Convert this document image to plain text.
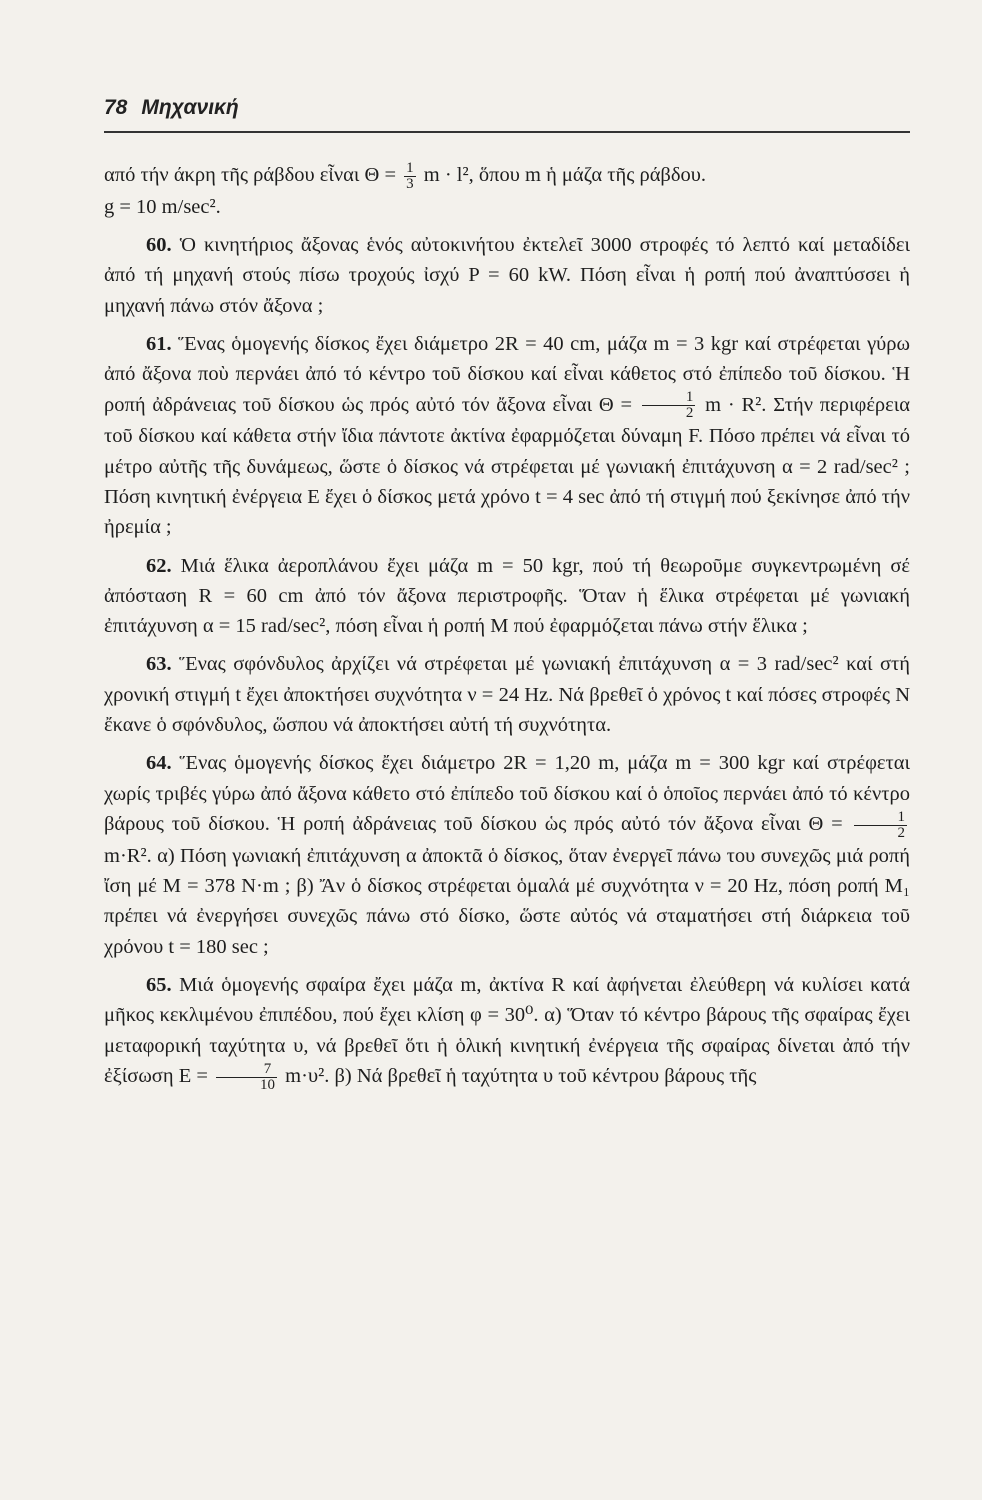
78 Μηχανική

από τήν άκρη τῆς ράβδου εἶναι $\Theta = \frac{1}{3}$ m · l², ὅπου m ἡ μάζα τῆς ράβδου.
g = 10 m/sec².

60. Ὁ κινητήριος ἄξονας ἑνός αὐτοκινήτου ἐκτελεῖ 3000 στροφές τό λεπτό καί μεταδίδει ἀπό τή μηχανή στούς πίσω τροχούς ἰσχύ P = 60 kW. Πόση εἶναι ἡ ροπή πού ἀναπτύσσει ἡ μηχανή πάνω στόν ἄξονα ;

61. Ἕνας ὁμογενής δίσκος ἔχει διάμετρο 2R = 40 cm, μάζα m = 3 kgr καί στρέφεται γύρω ἀπό ἄξονα ποὺ περνάει ἀπό τό κέντρο τοῦ δίσκου καί εἶναι κάθετος στό ἐπίπεδο τοῦ δίσκου. Ἡ ροπή ἀδράνειας τοῦ δίσκου ὡς πρός αὐτό τόν ἄξονα εἶναι $\Theta = \frac{1}{2}$ m · R². Στήν περιφέρεια τοῦ δίσκου καί κάθετα στήν ἴδια πάντοτε ἀκτίνα ἐφαρμόζεται δύναμη F. Πόσο πρέπει νά εἶναι τό μέτρο αὐτῆς τῆς δυνάμεως, ὥστε ὁ δίσκος νά στρέφεται μέ γωνιακή ἐπιτάχυνση α = 2 rad/sec² ; Πόση κινητική ἐνέργεια E ἔχει ὁ δίσκος μετά χρόνο t = 4 sec ἀπό τή στιγμή πού ξεκίνησε ἀπό τήν ἠρεμία ;

62. Μιά ἕλικα ἀεροπλάνου ἔχει μάζα m = 50 kgr, πού τή θεωροῦμε συγκεντρωμένη σέ ἀπόσταση R = 60 cm ἀπό τόν ἄξονα περιστροφῆς. Ὅταν ἡ ἕλικα στρέφεται μέ γωνιακή ἐπιτάχυνση α = 15 rad/sec², πόση εἶναι ἡ ροπή M πού ἐφαρμόζεται πάνω στήν ἕλικα ;

63. Ἕνας σφόνδυλος ἀρχίζει νά στρέφεται μέ γωνιακή ἐπιτάχυνση α = 3 rad/sec² καί στή χρονική στιγμή t ἔχει ἀποκτήσει συχνότητα ν = 24 Hz. Νά βρεθεῖ ὁ χρόνος t καί πόσες στροφές N ἔκανε ὁ σφόνδυλος, ὥσπου νά ἀποκτήσει αὐτή τή συχνότητα.

64. Ἕνας ὁμογενής δίσκος ἔχει διάμετρο 2R = 1,20 m, μάζα m = 300 kgr καί στρέφεται χωρίς τριβές γύρω ἀπό ἄξονα κάθετο στό ἐπίπεδο τοῦ δίσκου καί ὁ ὁποῖος περνάει ἀπό τό κέντρο βάρους τοῦ δίσκου. Ἡ ροπή ἀδράνειας τοῦ δίσκου ὡς πρός αὐτό τόν ἄξονα εἶναι $\Theta = \frac{1}{2}$
m·R². α) Πόση γωνιακή ἐπιτάχυνση α ἀποκτᾶ ὁ δίσκος, ὅταν ἐνεργεῖ πάνω του συνεχῶς μιά ροπή ἴση μέ M = 378 N·m ; β) Ἄν ὁ δίσκος στρέφεται ὁμαλά μέ συχνότητα ν = 20 Hz, πόση ροπή M₁ πρέπει νά ἐνεργήσει συνεχῶς πάνω στό δίσκο, ὥστε αὐτός νά σταματήσει στή διάρκεια τοῦ χρόνου t = 180 sec ;

65. Μιά ὁμογενής σφαίρα ἔχει μάζα m, ἀκτίνα R καί ἀφήνεται ἐλεύθερη νά κυλίσει κατά μῆκος κεκλιμένου ἐπιπέδου, πού ἔχει κλίση φ = 30⁰. α) Ὅταν τό κέντρο βάρους τῆς σφαίρας ἔχει μεταφορική ταχύτητα υ, νά βρεθεῖ ὅτι ἡ ὁλική κινητική ἐνέργεια τῆς σφαίρας δίνεται ἀπό τήν ἐξίσωση $E = \frac{7}{10} m\cdot\upsilon^2$. β) Νά βρεθεῖ ἡ ταχύτητα υ τοῦ κέντρου βάρους τῆς
